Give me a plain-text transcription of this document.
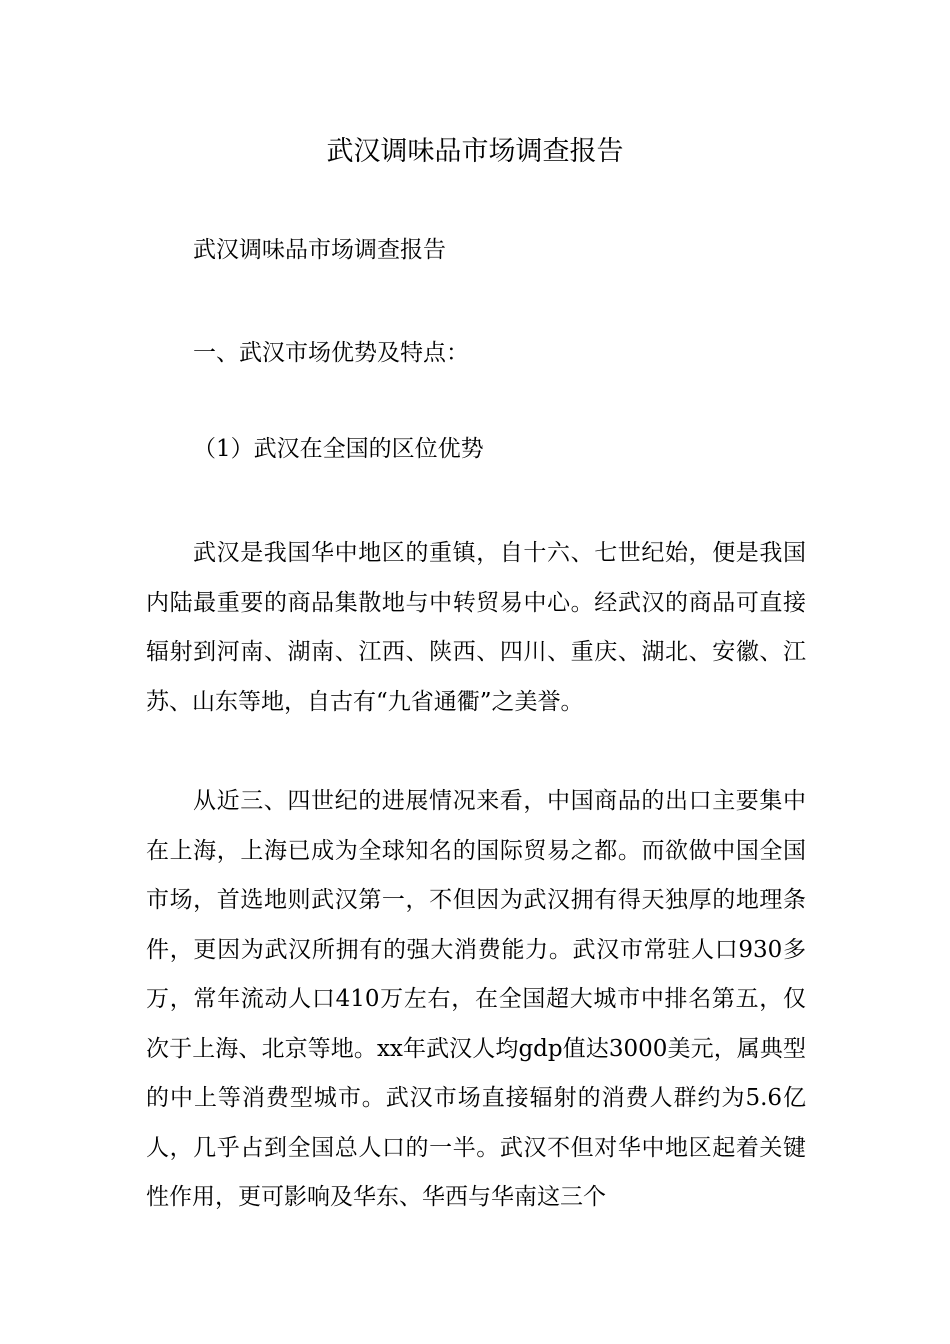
武汉调味品市场调查报告
武汉调味品市场调查报告
一、武汉市场优势及特点：
（1）武汉在全国的区位优势

武汉是我国华中地区的重镇，自十六、七世纪始，便是我国内陆最重要的商品集散地与中转贸易中心。经武汉的商品可直接辐射到河南、湖南、江西、陕西、四川、重庆、湖北、安徽、江苏、山东等地，自古有“九省通衢”之美誉。

从近三、四世纪的进展情况来看，中国商品的出口主要集中在上海，上海已成为全球知名的国际贸易之都。而欲做中国全国市场，首选地则武汉第一，不但因为武汉拥有得天独厚的地理条件，更因为武汉所拥有的强大消费能力。武汉市常驻人口930多万，常年流动人口410万左右，在全国超大城市中排名第五，仅次于上海、北京等地。xx年武汉人均gdp值达3000美元，属典型的中上等消费型城市。武汉市场直接辐射的消费人群约为5.6亿人，几乎占到全国总人口的一半。武汉不但对华中地区起着关键性作用，更可影响及华东、华西与华南这三个
